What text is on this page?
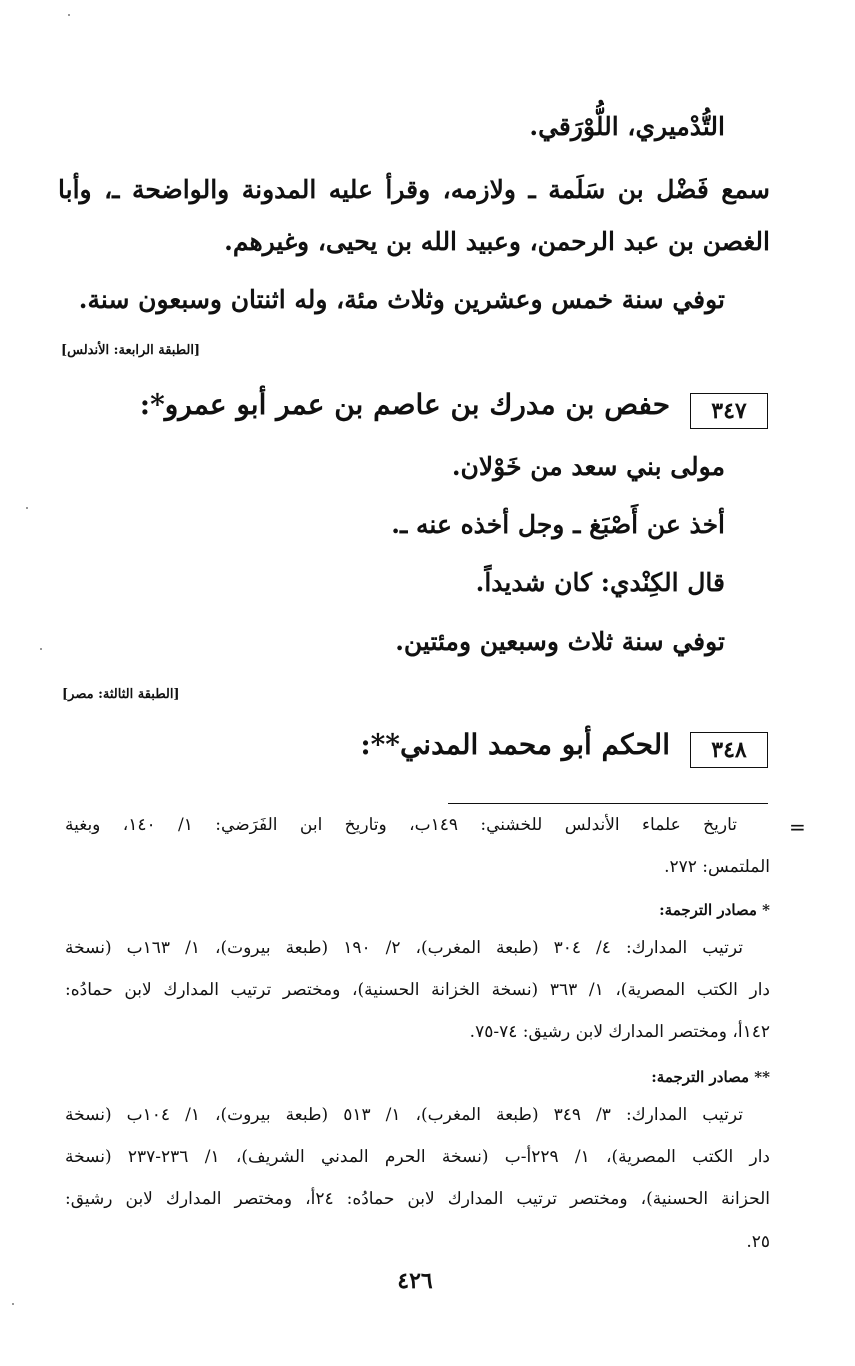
التُّدْميري، اللُّوْرَقي.
سمع فَضْل بن سَلَمة ـ ولازمه، وقرأ عليه المدونة والواضحة ـ، وأبا
الغصن بن عبد الرحمن، وعبيد الله بن يحيى، وغيرهم.
توفي سنة خمس وعشرين وثلاث مئة، وله اثنتان وسبعون سنة.
[الطبقة الرابعة: الأندلس]
٣٤٧
حفص بن مدرك بن عاصم بن عمر أبو عمرو*:
مولى بني سعد من خَوْلان.
أخذ عن أَصْبَغ ـ وجل أخذه عنه ـ.
قال الكِنْدي: كان شديداً.
توفي سنة ثلاث وسبعين ومئتين.
[الطبقة الثالثة: مصر]
٣٤٨
الحكم أبو محمد المدني**:
=
تاريخ علماء الأندلس للخشني: ١٤٩ب، وتاريخ ابن الفَرَضي: ١/ ١٤٠، وبغية
الملتمس: ٢٧٢.
* مصادر الترجمة:
ترتيب المدارك: ٤/ ٣٠٤ (طبعة المغرب)، ٢/ ١٩٠ (طبعة بيروت)، ١/ ١٦٣ب (نسخة
دار الكتب المصرية)، ١/ ٣٦٣ (نسخة الخزانة الحسنية)، ومختصر ترتيب المدارك لابن حمادُه:
١٤٢أ، ومختصر المدارك لابن رشيق: ٧٤-٧٥.
** مصادر الترجمة:
ترتيب المدارك: ٣/ ٣٤٩ (طبعة المغرب)، ١/ ٥١٣ (طبعة بيروت)، ١/ ١٠٤ب (نسخة
دار الكتب المصرية)، ١/ ٢٢٩أ-ب (نسخة الحرم المدني الشريف)، ١/ ٢٣٦-٢٣٧ (نسخة
الحزانة الحسنية)، ومختصر ترتيب المدارك لابن حمادُه: ٢٤أ، ومختصر المدارك لابن رشيق:
٢٥.
٤٢٦
